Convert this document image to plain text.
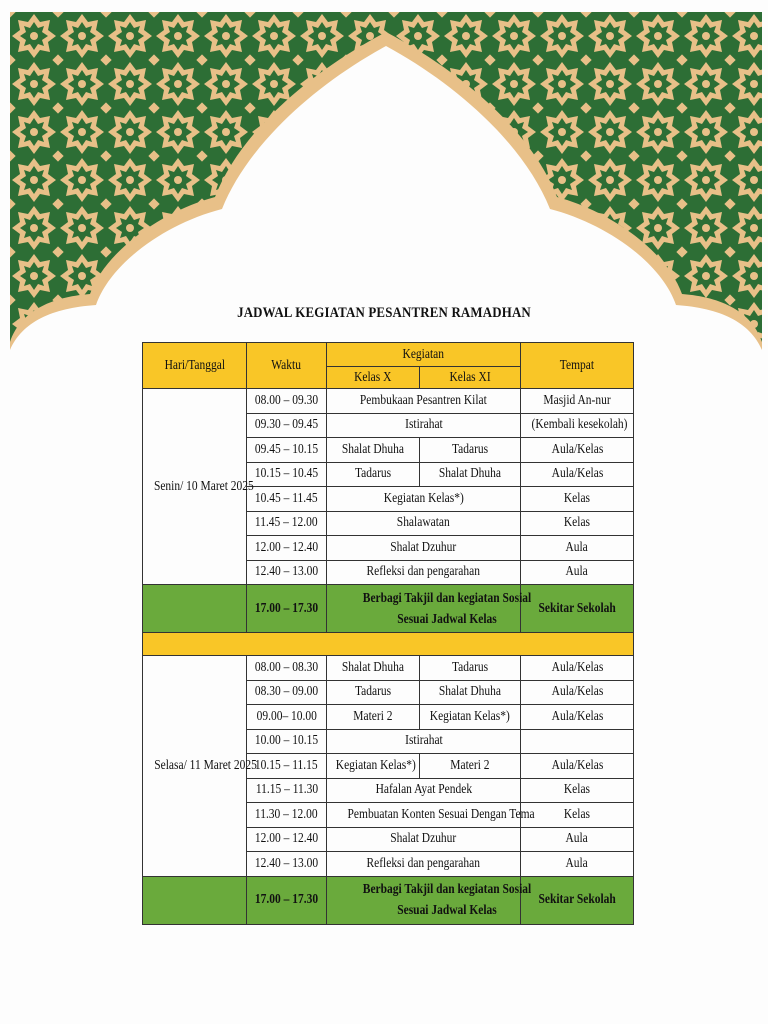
JADWAL KEGIATAN PESANTREN RAMADHAN
Hari/Tanggal	Waktu	Kegiatan		Tempat
		Kelas X	Kelas XI	
Senin/ 10 Maret 2025	08.00 – 09.30	Pembukaan Pesantren Kilat		Masjid An-nur
	09.30 – 09.45	Istirahat		(Kembali kesekolah)
	09.45 – 10.15	Shalat Dhuha	Tadarus	Aula/Kelas
	10.15 – 10.45	Tadarus	Shalat Dhuha	Aula/Kelas
	10.45 – 11.45	Kegiatan Kelas*)		Kelas
	11.45 – 12.00	Shalawatan		Kelas
	12.00 – 12.40	Shalat Dzuhur		Aula
	12.40 – 13.00	Refleksi dan pengarahan		Aula
	17.00 – 17.30	Berbagi Takjil dan kegiatan Sosial Sesuai Jadwal Kelas		Sekitar Sekolah

Selasa/ 11 Maret 2025	08.00 – 08.30	Shalat Dhuha	Tadarus	Aula/Kelas
	08.30 – 09.00	Tadarus	Shalat Dhuha	Aula/Kelas
	09.00– 10.00	Materi 2	Kegiatan Kelas*)	Aula/Kelas
	10.00 – 10.15	Istirahat		
	10.15 – 11.15	Kegiatan Kelas*)	Materi 2	Aula/Kelas
	11.15 – 11.30	Hafalan Ayat Pendek		Kelas
	11.30 – 12.00	Pembuatan Konten Sesuai Dengan Tema		Kelas
	12.00 – 12.40	Shalat Dzuhur		Aula
	12.40 – 13.00	Refleksi dan pengarahan		Aula
	17.00 – 17.30	Berbagi Takjil dan kegiatan Sosial Sesuai Jadwal Kelas		Sekitar Sekolah
